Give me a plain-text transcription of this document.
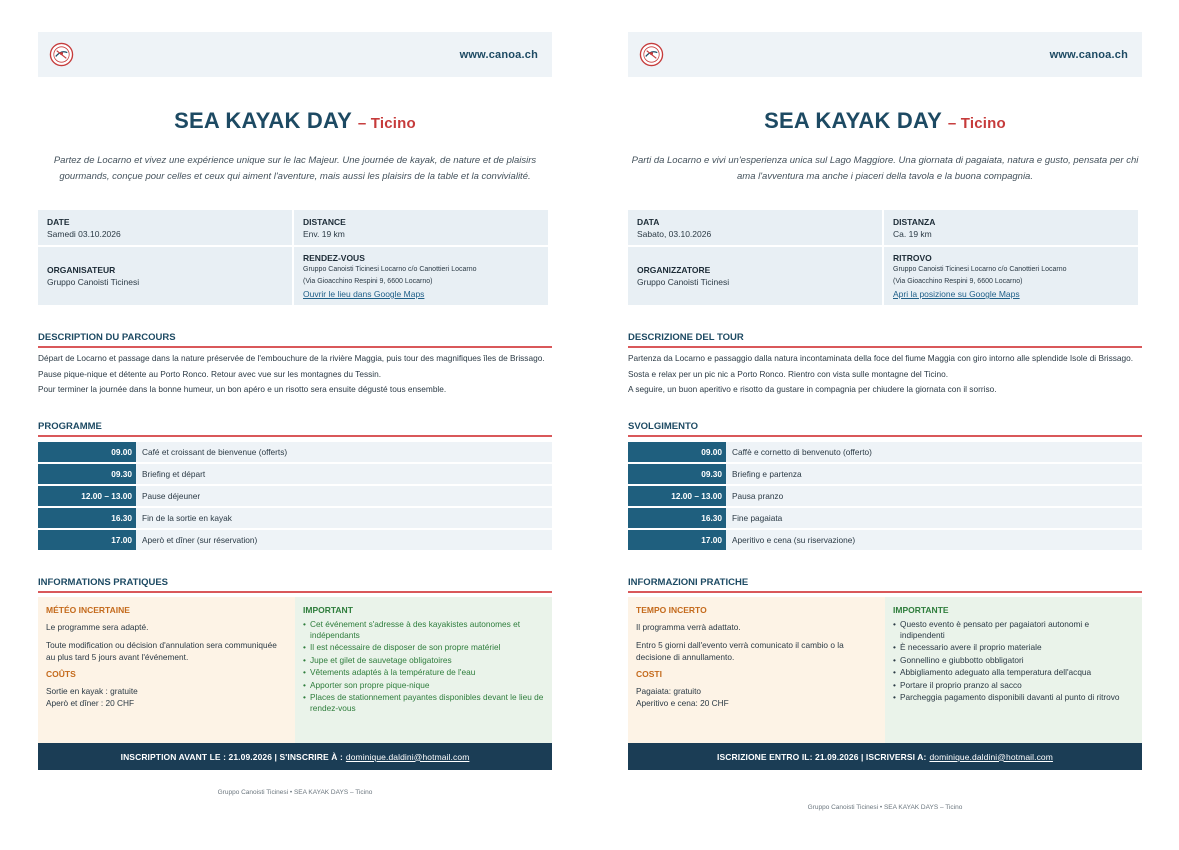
www.canoa.ch
SEA KAYAK DAY – Ticino
Partez de Locarno et vivez une expérience unique sur le lac Majeur. Une journée de kayak, de nature et de plaisirs gourmands, conçue pour celles et ceux qui aiment l'aventure, mais aussi les plaisirs de la table et la convivialité.
DATE
Samedi 03.10.2026
DISTANCE
Env. 19 km
ORGANISATEUR
Gruppo Canoisti Ticinesi
RENDEZ-VOUS
Gruppo Canoisti Ticinesi Locarno c/o Canottieri Locarno
(Via Gioacchino Respini 9, 6600 Locarno)
Ouvrir le lieu dans Google Maps
DESCRIPTION DU PARCOURS
Départ de Locarno et passage dans la nature préservée de l'embouchure de la rivière Maggia, puis tour des magnifiques îles de Brissago. Pause pique-nique et détente au Porto Ronco. Retour avec vue sur les montagnes du Tessin.
Pour terminer la journée dans la bonne humeur, un bon apéro e un risotto sera ensuite dégusté tous ensemble.
PROGRAMME
09.00	Café et croissant de bienvenue (offerts)
09.30	Briefing et départ
12.00 – 13.00	Pause déjeuner
16.30	Fin de la sortie en kayak
17.00	Aperò et dîner (sur réservation)
INFORMATIONS PRATIQUES
MÉTÉO INCERTAINE
Le programme sera adapté.
Toute modification ou décision d'annulation sera communiquée au plus tard 5 jours avant l'événement.
COÛTS
Sortie en kayak : gratuite
Aperò et dîner : 20 CHF
IMPORTANT
• Cet événement s'adresse à des kayakistes autonomes et indépendants
• Il est nécessaire de disposer de son propre matériel
• Jupe et gilet de sauvetage obligatoires
• Vêtements adaptés à la température de l'eau
• Apporter son propre pique-nique
• Places de stationnement payantes disponibles devant le lieu de rendez-vous
INSCRIPTION AVANT LE : 21.09.2026 | S'INSCRIRE À : dominique.daldini@hotmail.com
Gruppo Canoisti Ticinesi • SEA KAYAK DAYS – Ticino
www.canoa.ch
SEA KAYAK DAY – Ticino
Parti da Locarno e vivi un'esperienza unica sul Lago Maggiore. Una giornata di pagaiata, natura e gusto, pensata per chi ama l'avventura ma anche i piaceri della tavola e la buona compagnia.
DATA
Sabato, 03.10.2026
DISTANZA
Ca. 19 km
ORGANIZZATORE
Gruppo Canoisti Ticinesi
RITROVO
Gruppo Canoisti Ticinesi Locarno c/o Canottieri Locarno
(Via Gioacchino Respini 9, 6600 Locarno)
Apri la posizione su Google Maps
DESCRIZIONE DEL TOUR
Partenza da Locarno e passaggio dalla natura incontaminata della foce del fiume Maggia con giro intorno alle splendide Isole di Brissago. Sosta e relax per un pic nic a Porto Ronco. Rientro con vista sulle montagne del Ticino.
A seguire, un buon aperitivo e risotto da gustare in compagnia per chiudere la giornata con il sorriso.
SVOLGIMENTO
09.00	Caffè e cornetto di benvenuto (offerto)
09.30	Briefing e partenza
12.00 – 13.00	Pausa pranzo
16.30	Fine pagaiata
17.00	Aperitivo e cena (su riservazione)
INFORMAZIONI PRATICHE
TEMPO INCERTO
Il programma verrà adattato.
Entro 5 giorni dall'evento verrà comunicato il cambio o la decisione di annullamento.
COSTI
Pagaiata: gratuito
Aperitivo e cena: 20 CHF
IMPORTANTE
• Questo evento è pensato per pagaiatori autonomi e indipendenti
• È necessario avere il proprio materiale
• Gonnellino e giubbotto obbligatori
• Abbigliamento adeguato alla temperatura dell'acqua
• Portare il proprio pranzo al sacco
• Parcheggia pagamento disponibili davanti al punto di ritrovo
ISCRIZIONE ENTRO IL: 21.09.2026 | ISCRIVERSI A: dominique.daldini@hotmail.com
Gruppo Canoisti Ticinesi • SEA KAYAK DAYS – Ticino
